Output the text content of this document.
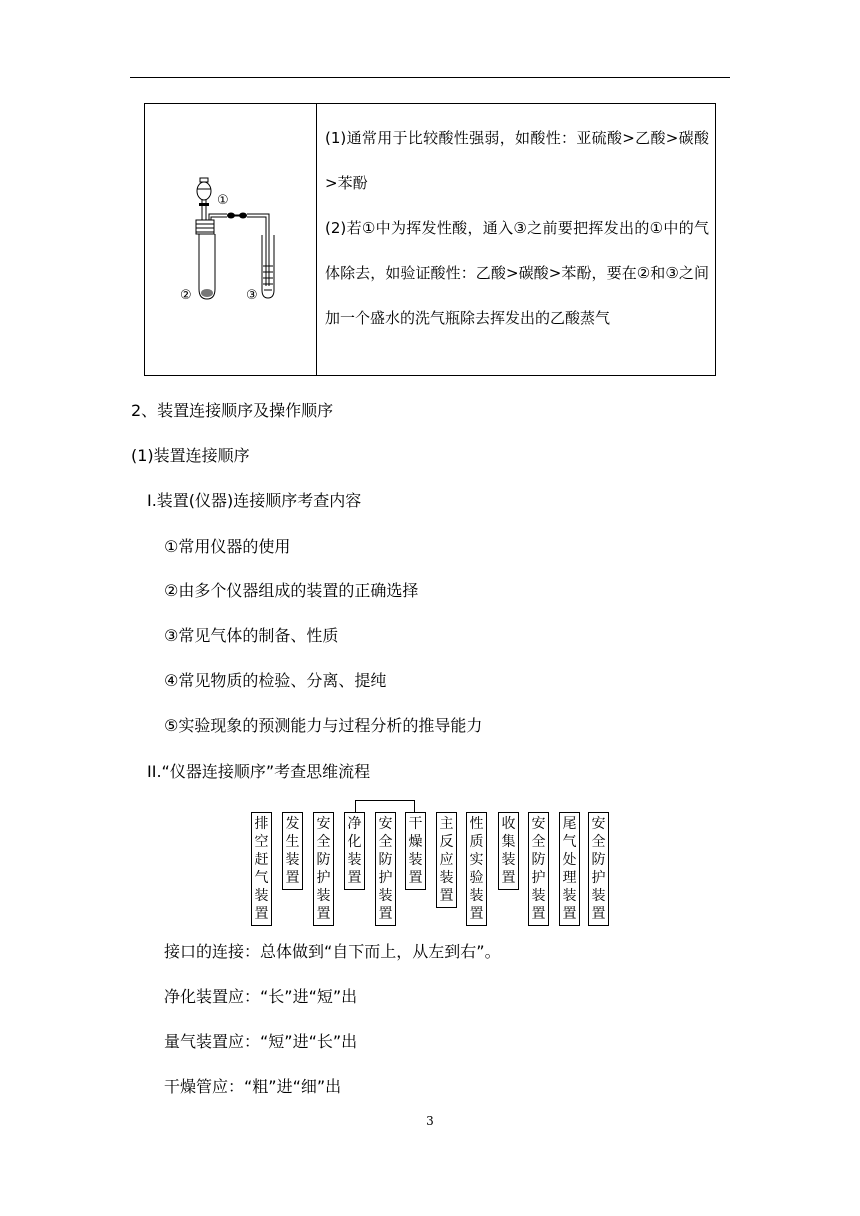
①
②	③

(1)通常用于比较酸性强弱，如酸性：亚硫酸>乙酸>碳酸>苯酚
(2)若①中为挥发性酸，通入③之前要把挥发出的①中的气体除去，如验证酸性：乙酸>碳酸>苯酚，要在②和③之间加一个盛水的洗气瓶除去挥发出的乙酸蒸气

2、装置连接顺序及操作顺序
(1)装置连接顺序
I.装置(仪器)连接顺序考查内容
①常用仪器的使用
②由多个仪器组成的装置的正确选择
③常见气体的制备、性质
④常见物质的检验、分离、提纯
⑤实验现象的预测能力与过程分析的推导能力
II.“仪器连接顺序”考查思维流程
排空赶气装置
发生装置
安全防护装置
净化装置
安全防护装置
干燥装置
主反应装置
性质实验装置
收集装置
安全防护装置
尾气处理装置
安全防护装置
接口的连接：总体做到“自下而上，从左到右”。
净化装置应：“长”进“短”出
量气装置应：“短”进“长”出
干燥管应：“粗”进“细”出
3
